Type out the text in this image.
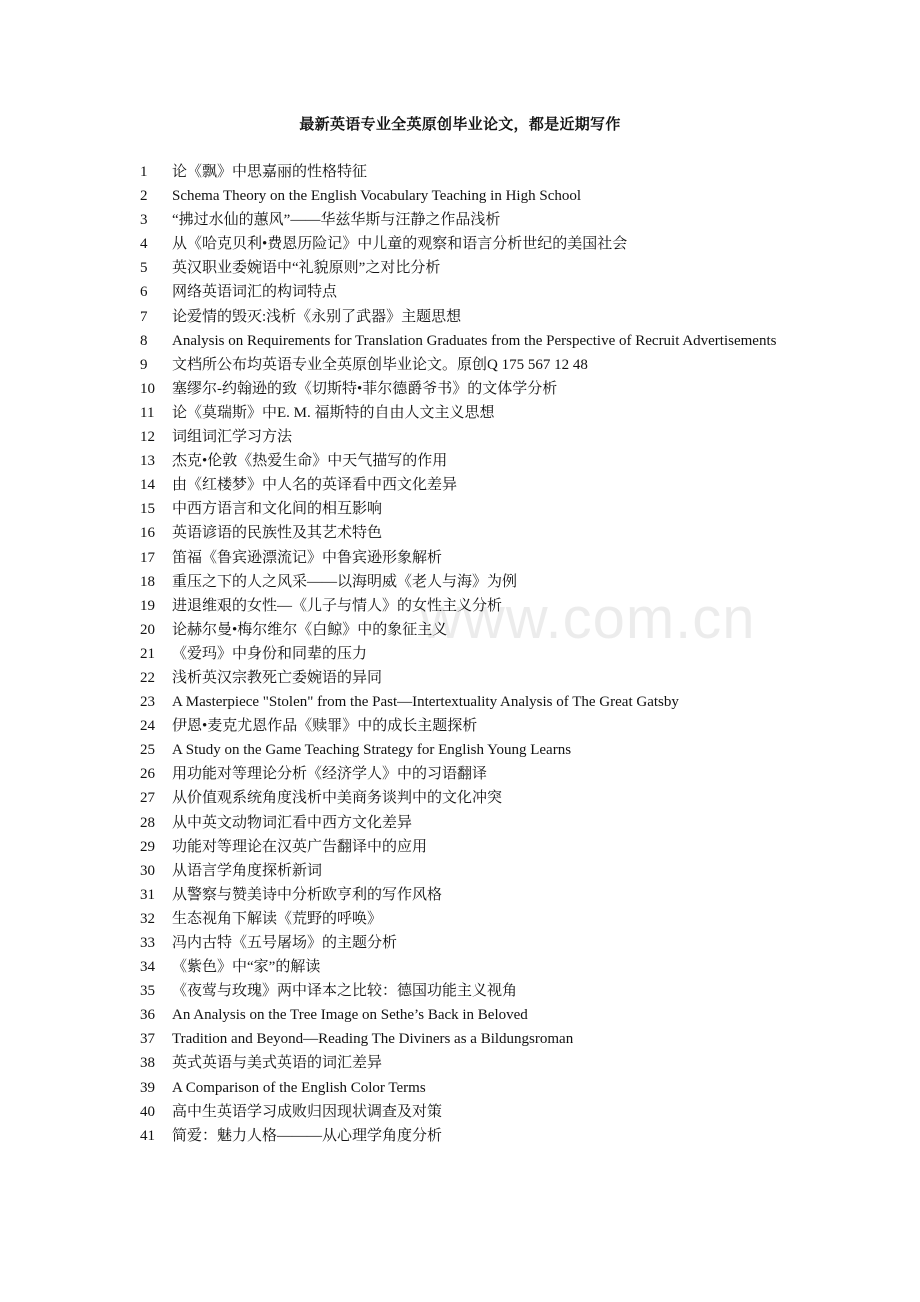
www.com.cn
最新英语专业全英原创毕业论文，都是近期写作
1 论《飘》中思嘉丽的性格特征
2 Schema Theory on the English Vocabulary Teaching in High School
3 “拂过水仙的蕙风”——华兹华斯与汪静之作品浅析
4 从《哈克贝利•费恩历险记》中儿童的观察和语言分析世纪的美国社会
5 英汉职业委婉语中“礼貌原则”之对比分析
6 网络英语词汇的构词特点
7 论爱情的毁灭:浅析《永别了武器》主题思想
8 Analysis on Requirements for Translation Graduates from the Perspective of Recruit Advertisements
9 文档所公布均英语专业全英原创毕业论文。原创Q 175 567 12 48
10 塞缪尔-约翰逊的致《切斯特•菲尔德爵爷书》的文体学分析
11 论《莫瑞斯》中E. M. 福斯特的自由人文主义思想
12 词组词汇学习方法
13 杰克•伦敦《热爱生命》中天气描写的作用
14 由《红楼梦》中人名的英译看中西文化差异
15 中西方语言和文化间的相互影响
16 英语谚语的民族性及其艺术特色
17 笛福《鲁宾逊漂流记》中鲁宾逊形象解析
18 重压之下的人之风采——以海明威《老人与海》为例
19 进退维艰的女性—《儿子与情人》的女性主义分析
20 论赫尔曼•梅尔维尔《白鲸》中的象征主义
21 《爱玛》中身份和同辈的压力
22 浅析英汉宗教死亡委婉语的异同
23 A Masterpiece "Stolen" from the Past—Intertextuality Analysis of The Great Gatsby
24 伊恩•麦克尤恩作品《赎罪》中的成长主题探析
25 A Study on the Game Teaching Strategy for English Young Learns
26 用功能对等理论分析《经济学人》中的习语翻译
27 从价值观系统角度浅析中美商务谈判中的文化冲突
28 从中英文动物词汇看中西方文化差异
29 功能对等理论在汉英广告翻译中的应用
30 从语言学角度探析新词
31 从警察与赞美诗中分析欧亨利的写作风格
32 生态视角下解读《荒野的呼唤》
33 冯内古特《五号屠场》的主题分析
34 《紫色》中“家”的解读
35 《夜莺与玫瑰》两中译本之比较：德国功能主义视角
36 An Analysis on the Tree Image on Sethe’s Back in Beloved
37 Tradition and Beyond—Reading The Diviners as a Bildungsroman
38 英式英语与美式英语的词汇差异
39 A Comparison of the English Color Terms
40 高中生英语学习成败归因现状调查及对策
41 简爱：魅力人格———从心理学角度分析
